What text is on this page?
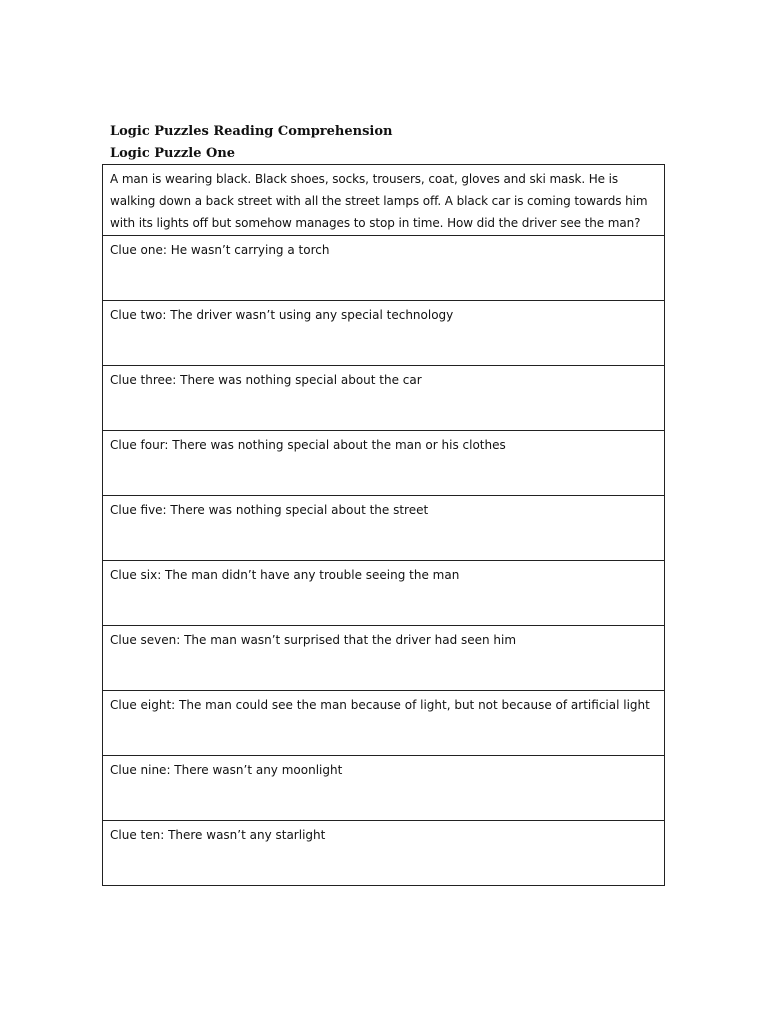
Logic Puzzles Reading Comprehension
Logic Puzzle One
A man is wearing black. Black shoes, socks, trousers, coat, gloves and ski mask. He is walking down a back street with all the street lamps off. A black car is coming towards him with its lights off but somehow manages to stop in time. How did the driver see the man?
Clue one: He wasn’t carrying a torch
Clue two: The driver wasn’t using any special technology
Clue three: There was nothing special about the car
Clue four: There was nothing special about the man or his clothes
Clue five: There was nothing special about the street
Clue six: The man didn’t have any trouble seeing the man
Clue seven: The man wasn’t surprised that the driver had seen him
Clue eight: The man could see the man because of light, but not because of artificial light
Clue nine: There wasn’t any moonlight
Clue ten: There wasn’t any starlight
